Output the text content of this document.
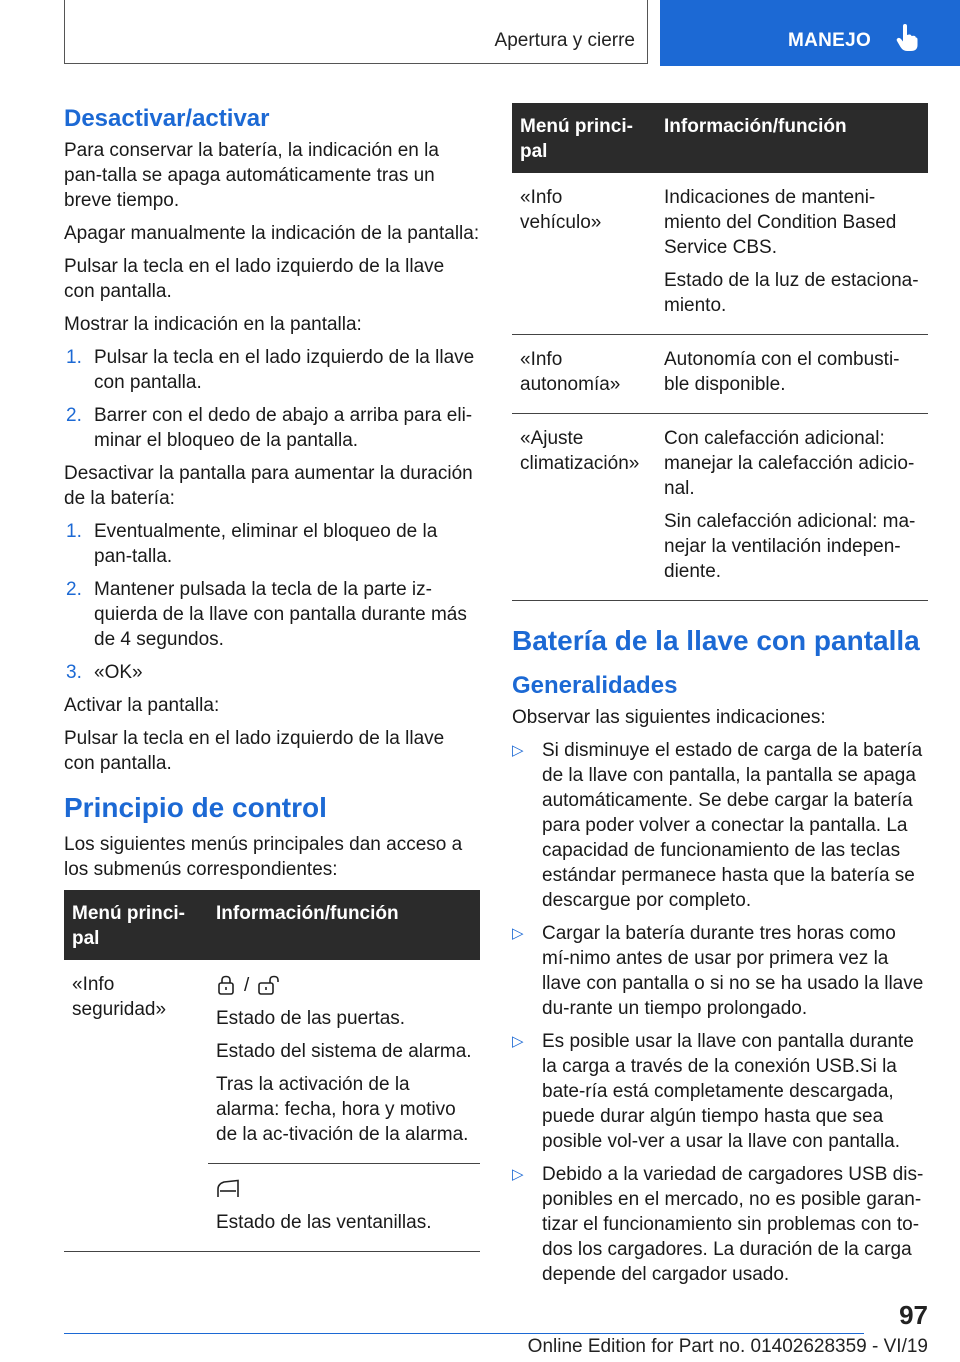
Apertura y cierre	MANEJO
Desactivar/activar

Para conservar la batería, la indicación en la pan-talla se apaga automáticamente tras un breve tiempo.

Apagar manualmente la indicación de la pantalla:

Pulsar la tecla en el lado izquierdo de la llave con pantalla.

Mostrar la indicación en la pantalla:

1. Pulsar la tecla en el lado izquierdo de la llave con pantalla.
2. Barrer con el dedo de abajo a arriba para eli-minar el bloqueo de la pantalla.

Desactivar la pantalla para aumentar la duración de la batería:

1. Eventualmente, eliminar el bloqueo de la pan-talla.
2. Mantener pulsada la tecla de la parte iz-quierda de la llave con pantalla durante más de 4 segundos.
3. «OK»

Activar la pantalla:

Pulsar la tecla en el lado izquierdo de la llave con pantalla.

Principio de control

Los siguientes menús principales dan acceso a los submenús correspondientes:

Menú princi-pal	Información/función
«Info seguridad»	/

Estado de las puertas.

Estado del sistema de alarma.

Tras la activación de la alarma: fecha, hora y motivo de la ac-tivación de la alarma.

	Estado de las ventanillas.

Menú princi-pal	Información/función
«Info vehículo»	Indicaciones de manteni-miento del Condition Based Service CBS.

Estado de la luz de estaciona-miento.

«Info autonomía»	Autonomía con el combusti-ble disponible.

«Ajuste climatización»	Con calefacción adicional: manejar la calefacción adicio-nal.

Sin calefacción adicional: ma-nejar la ventilación indepen-diente.

Batería de la llave con pantalla
Generalidades

Observar las siguientes indicaciones:

▷ Si disminuye el estado de carga de la batería de la llave con pantalla, la pantalla se apaga automáticamente. Se debe cargar la batería para poder volver a conectar la pantalla. La capacidad de funcionamiento de las teclas estándar permanece hasta que la batería se descargue por completo.
▷ Cargar la batería durante tres horas como mí-nimo antes de usar por primera vez la llave con pantalla o si no se ha usado la llave du-rante un tiempo prolongado.
▷ Es posible usar la llave con pantalla durante la carga a través de la conexión USB.Si la bate-ría está completamente descargada, puede durar algún tiempo hasta que sea posible vol-ver a usar la llave con pantalla.
▷ Debido a la variedad de cargadores USB dis-ponibles en el mercado, no es posible garan-tizar el funcionamiento sin problemas con to-dos los cargadores. La duración de la carga depende del cargador usado.
97
Online Edition for Part no. 01402628359 - VI/19
